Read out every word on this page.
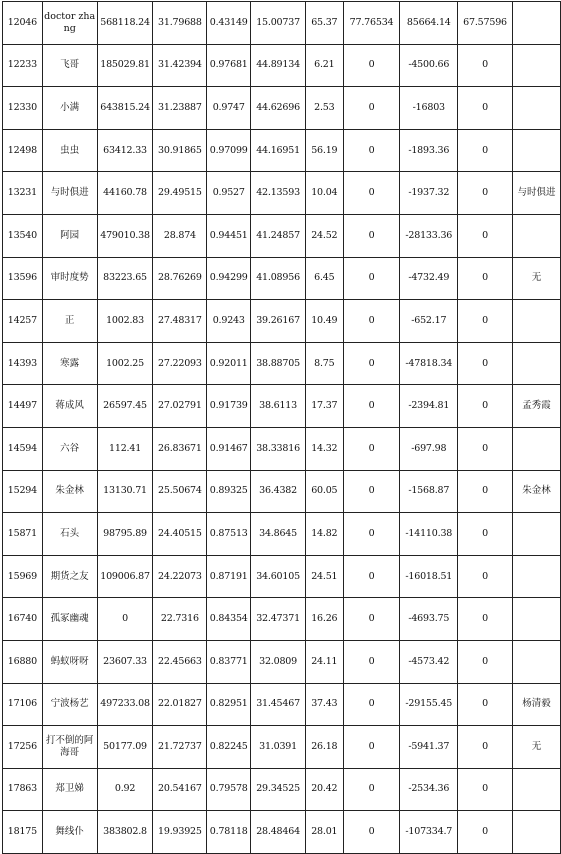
12046	doctor zhang	568118.24	31.79688	0.43149	15.00737	65.37	77.76534	85664.14	67.57596	
12233	飞哥	185029.81	31.42394	0.97681	44.89134	6.21	0	-4500.66	0	
12330	小满	643815.24	31.23887	0.9747	44.62696	2.53	0	-16803	0	
12498	虫虫	63412.33	30.91865	0.97099	44.16951	56.19	0	-1893.36	0	
13231	与时俱进	44160.78	29.49515	0.9527	42.13593	10.04	0	-1937.32	0	与时俱进
13540	阿园	479010.38	28.874	0.94451	41.24857	24.52	0	-28133.36	0	
13596	审时度势	83223.65	28.76269	0.94299	41.08956	6.45	0	-4732.49	0	无
14257	正	1002.83	27.48317	0.9243	39.26167	10.49	0	-652.17	0	
14393	寒露	1002.25	27.22093	0.92011	38.88705	8.75	0	-47818.34	0	
14497	蒋成风	26597.45	27.02791	0.91739	38.6113	17.37	0	-2394.81	0	孟秀霞
14594	六谷	112.41	26.83671	0.91467	38.33816	14.32	0	-697.98	0	
15294	朱金林	13130.71	25.50674	0.89325	36.4382	60.05	0	-1568.87	0	朱金林
15871	石头	98795.89	24.40515	0.87513	34.8645	14.82	0	-14110.38	0	
15969	期货之友	109006.87	24.22073	0.87191	34.60105	24.51	0	-16018.51	0	
16740	孤冢幽魂	0	22.7316	0.84354	32.47371	16.26	0	-4693.75	0	
16880	蚂蚁呀呀	23607.33	22.45663	0.83771	32.0809	24.11	0	-4573.42	0	
17106	宁波杨艺	497233.08	22.01827	0.82951	31.45467	37.43	0	-29155.45	0	杨清毅
17256	打不倒的阿海哥	50177.09	21.72737	0.82245	31.0391	26.18	0	-5941.37	0	无
17863	郑卫娣	0.92	20.54167	0.79578	29.34525	20.42	0	-2534.36	0	
18175	舞线仆	383802.8	19.93925	0.78118	28.48464	28.01	0	-107334.7	0	
